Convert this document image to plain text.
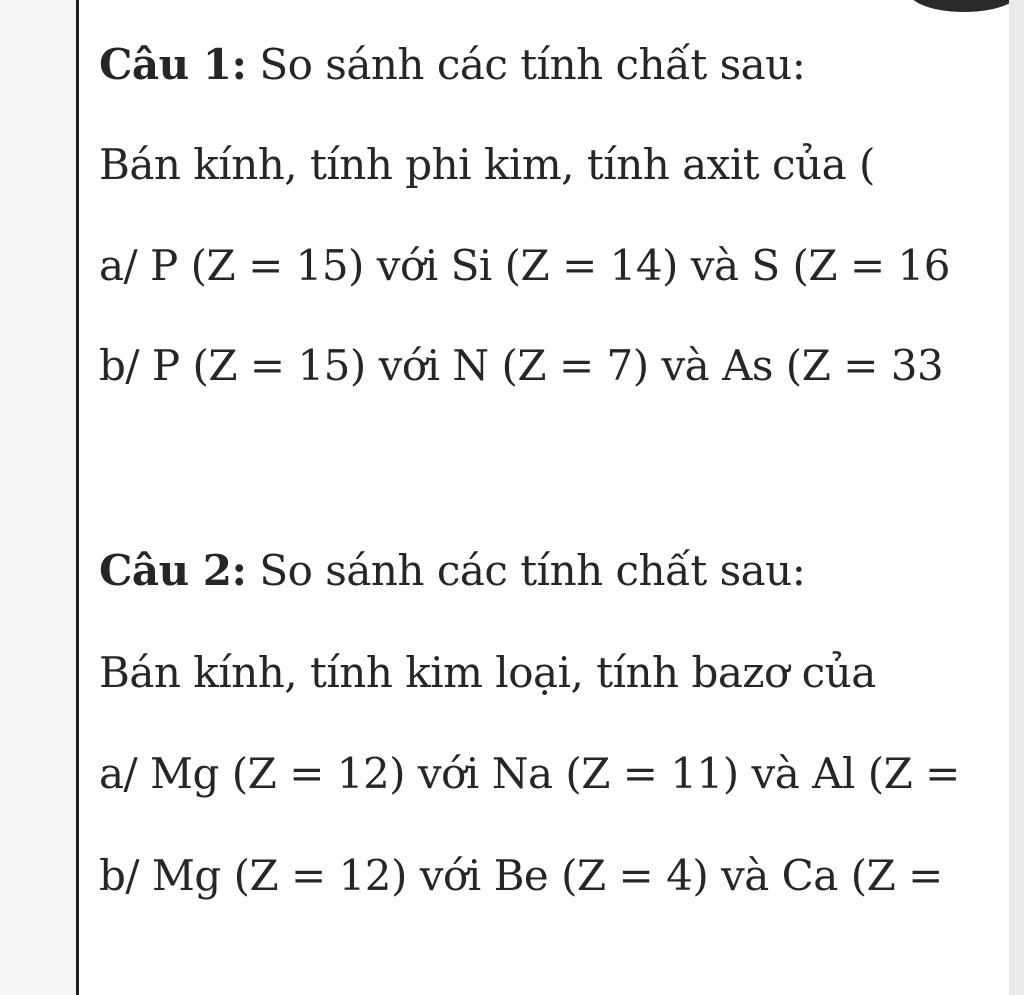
Câu 1: So sánh các tính chất sau:
Bán kính, tính phi kim, tính axit của (
a/ P (Z = 15) với Si (Z = 14) và S (Z = 16
b/ P (Z = 15) với N (Z = 7) và As (Z = 33
Câu 2: So sánh các tính chất sau:
Bán kính, tính kim loại, tính bazơ của
a/ Mg (Z = 12) với Na (Z = 11) và Al (Z =
b/ Mg (Z = 12) với Be (Z = 4) và Ca (Z =
